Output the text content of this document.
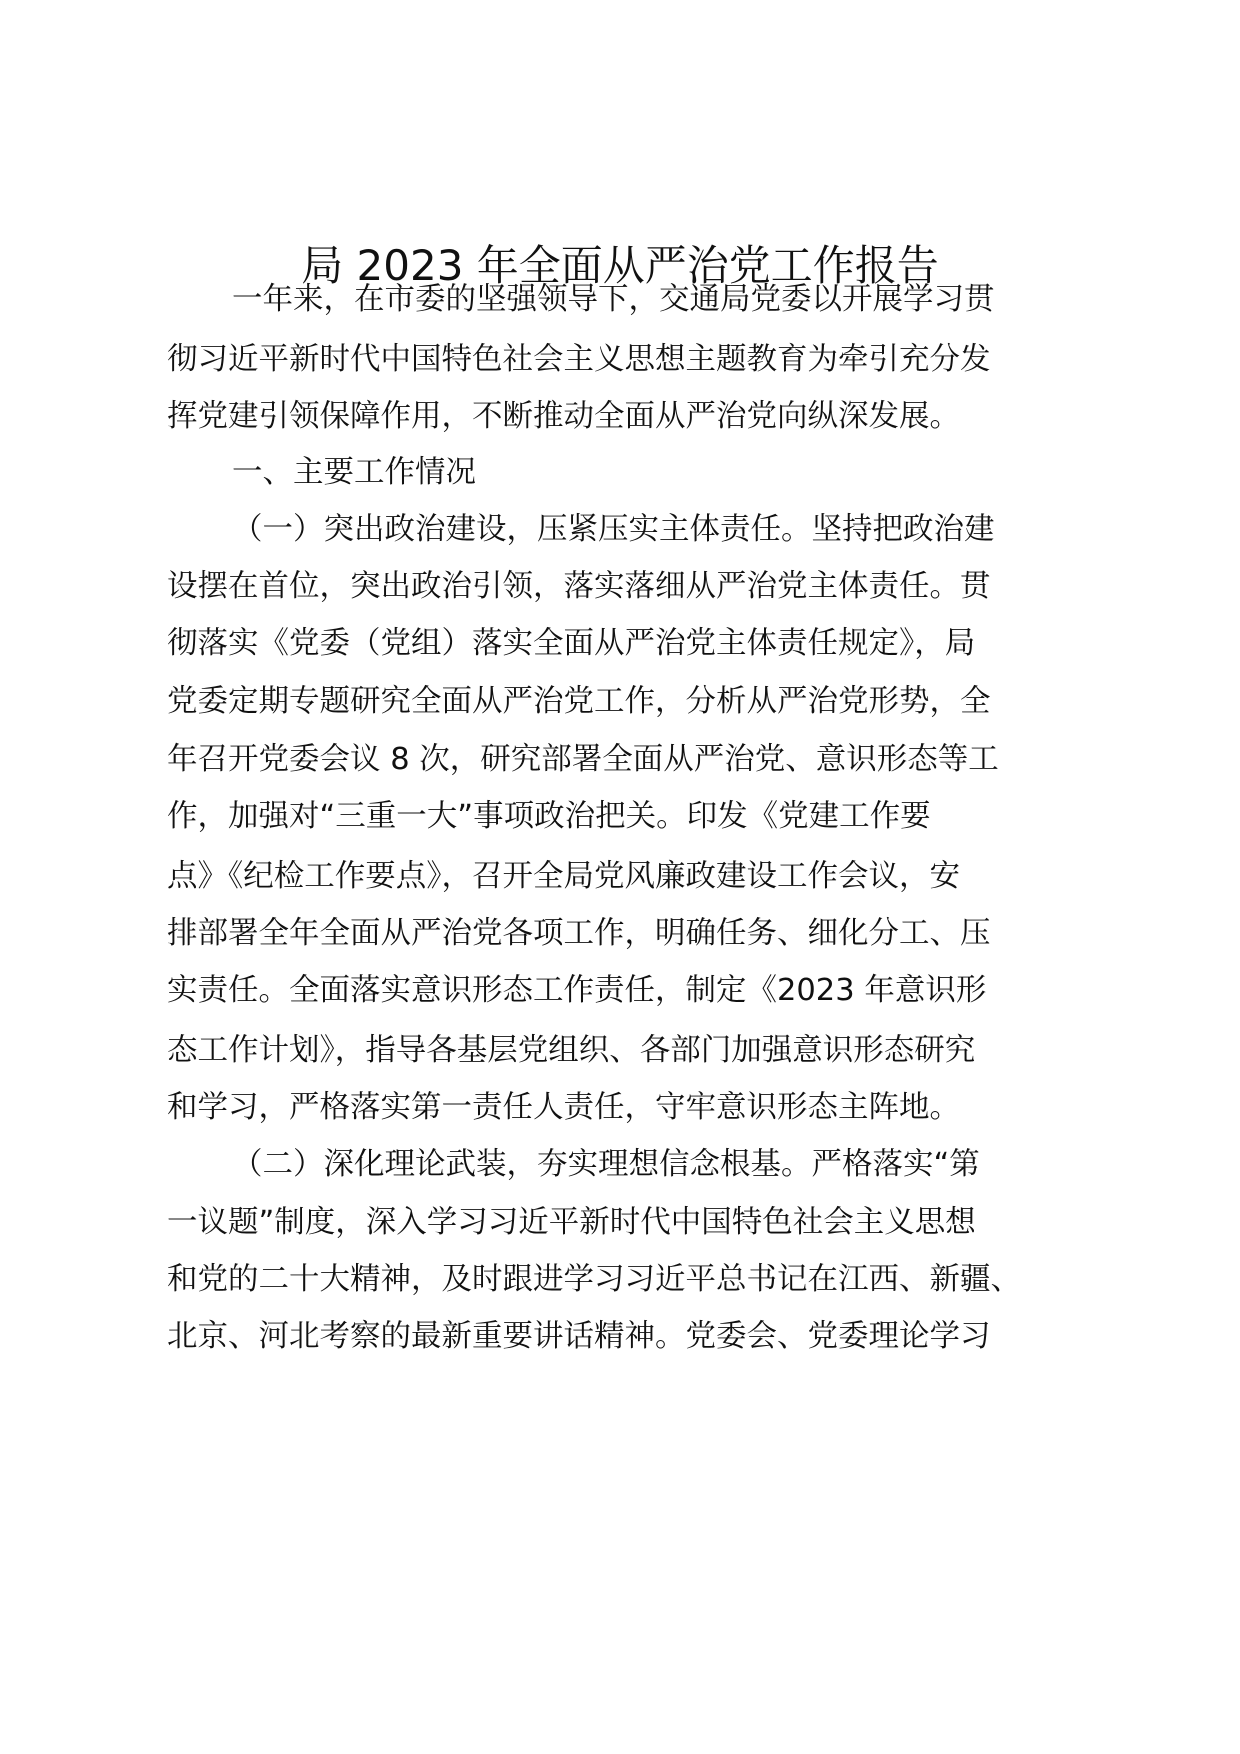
局 2023 年全面从严治党工作报告

一年来，在市委的坚强领导下，交通局党委以开展学习贯

彻习近平新时代中国特色社会主义思想主题教育为牵引充分发

挥党建引领保障作用，不断推动全面从严治党向纵深发展。

一、主要工作情况

（一）突出政治建设，压紧压实主体责任。坚持把政治建

设摆在首位，突出政治引领，落实落细从严治党主体责任。贯

彻落实《党委（党组）落实全面从严治党主体责任规定》，局

党委定期专题研究全面从严治党工作，分析从严治党形势，全

年召开党委会议 8 次，研究部署全面从严治党、意识形态等工

作，加强对“三重一大”事项政治把关。印发《党建工作要

点》《纪检工作要点》，召开全局党风廉政建设工作会议，安

排部署全年全面从严治党各项工作，明确任务、细化分工、压

实责任。全面落实意识形态工作责任，制定《2023 年意识形

态工作计划》，指导各基层党组织、各部门加强意识形态研究

和学习，严格落实第一责任人责任，守牢意识形态主阵地。

（二）深化理论武装，夯实理想信念根基。严格落实“第

一议题”制度，深入学习习近平新时代中国特色社会主义思想

和党的二十大精神，及时跟进学习习近平总书记在江西、新疆、

北京、河北考察的最新重要讲话精神。党委会、党委理论学习
